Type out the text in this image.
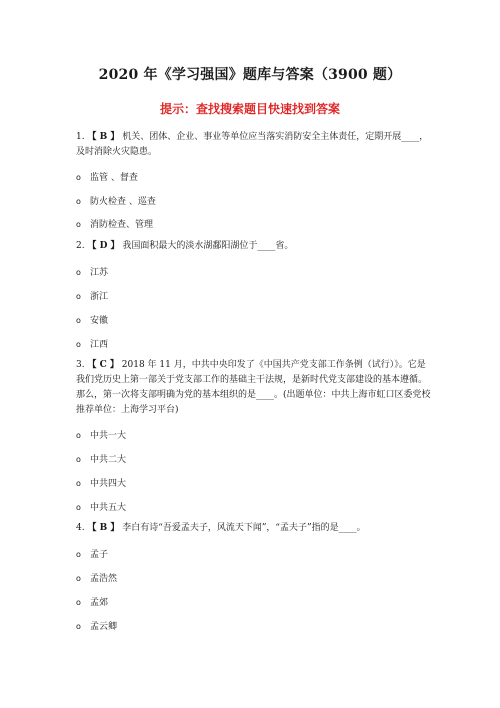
2020 年《学习强国》题库与答案（3900 题）
提示：查找搜索题目快速找到答案
1. 【 B 】 机关、团体、企业、事业等单位应当落实消防安全主体责任，定期开展____，及时消除火灾隐患。
o 监管 、督查
o 防火检查 、巡查
o 消防检查、管理
2. 【 D 】 我国面积最大的淡水湖鄱阳湖位于____省。
o 江苏
o 浙江
o 安徽
o 江西
3. 【 C 】 2018 年 11 月，中共中央印发了《中国共产党支部工作条例（试行）》。它是我们党历史上第一部关于党支部工作的基础主干法规，是新时代党支部建设的基本遵循。那么，第一次将支部明确为党的基本组织的是____。(出题单位：中共上海市虹口区委党校　推荐单位：上海学习平台)
o 中共一大
o 中共二大
o 中共四大
o 中共五大
4. 【 B 】 李白有诗“吾爱孟夫子，风流天下闻”，“孟夫子”指的是____。
o 孟子
o 孟浩然
o 孟郊
o 孟云卿
